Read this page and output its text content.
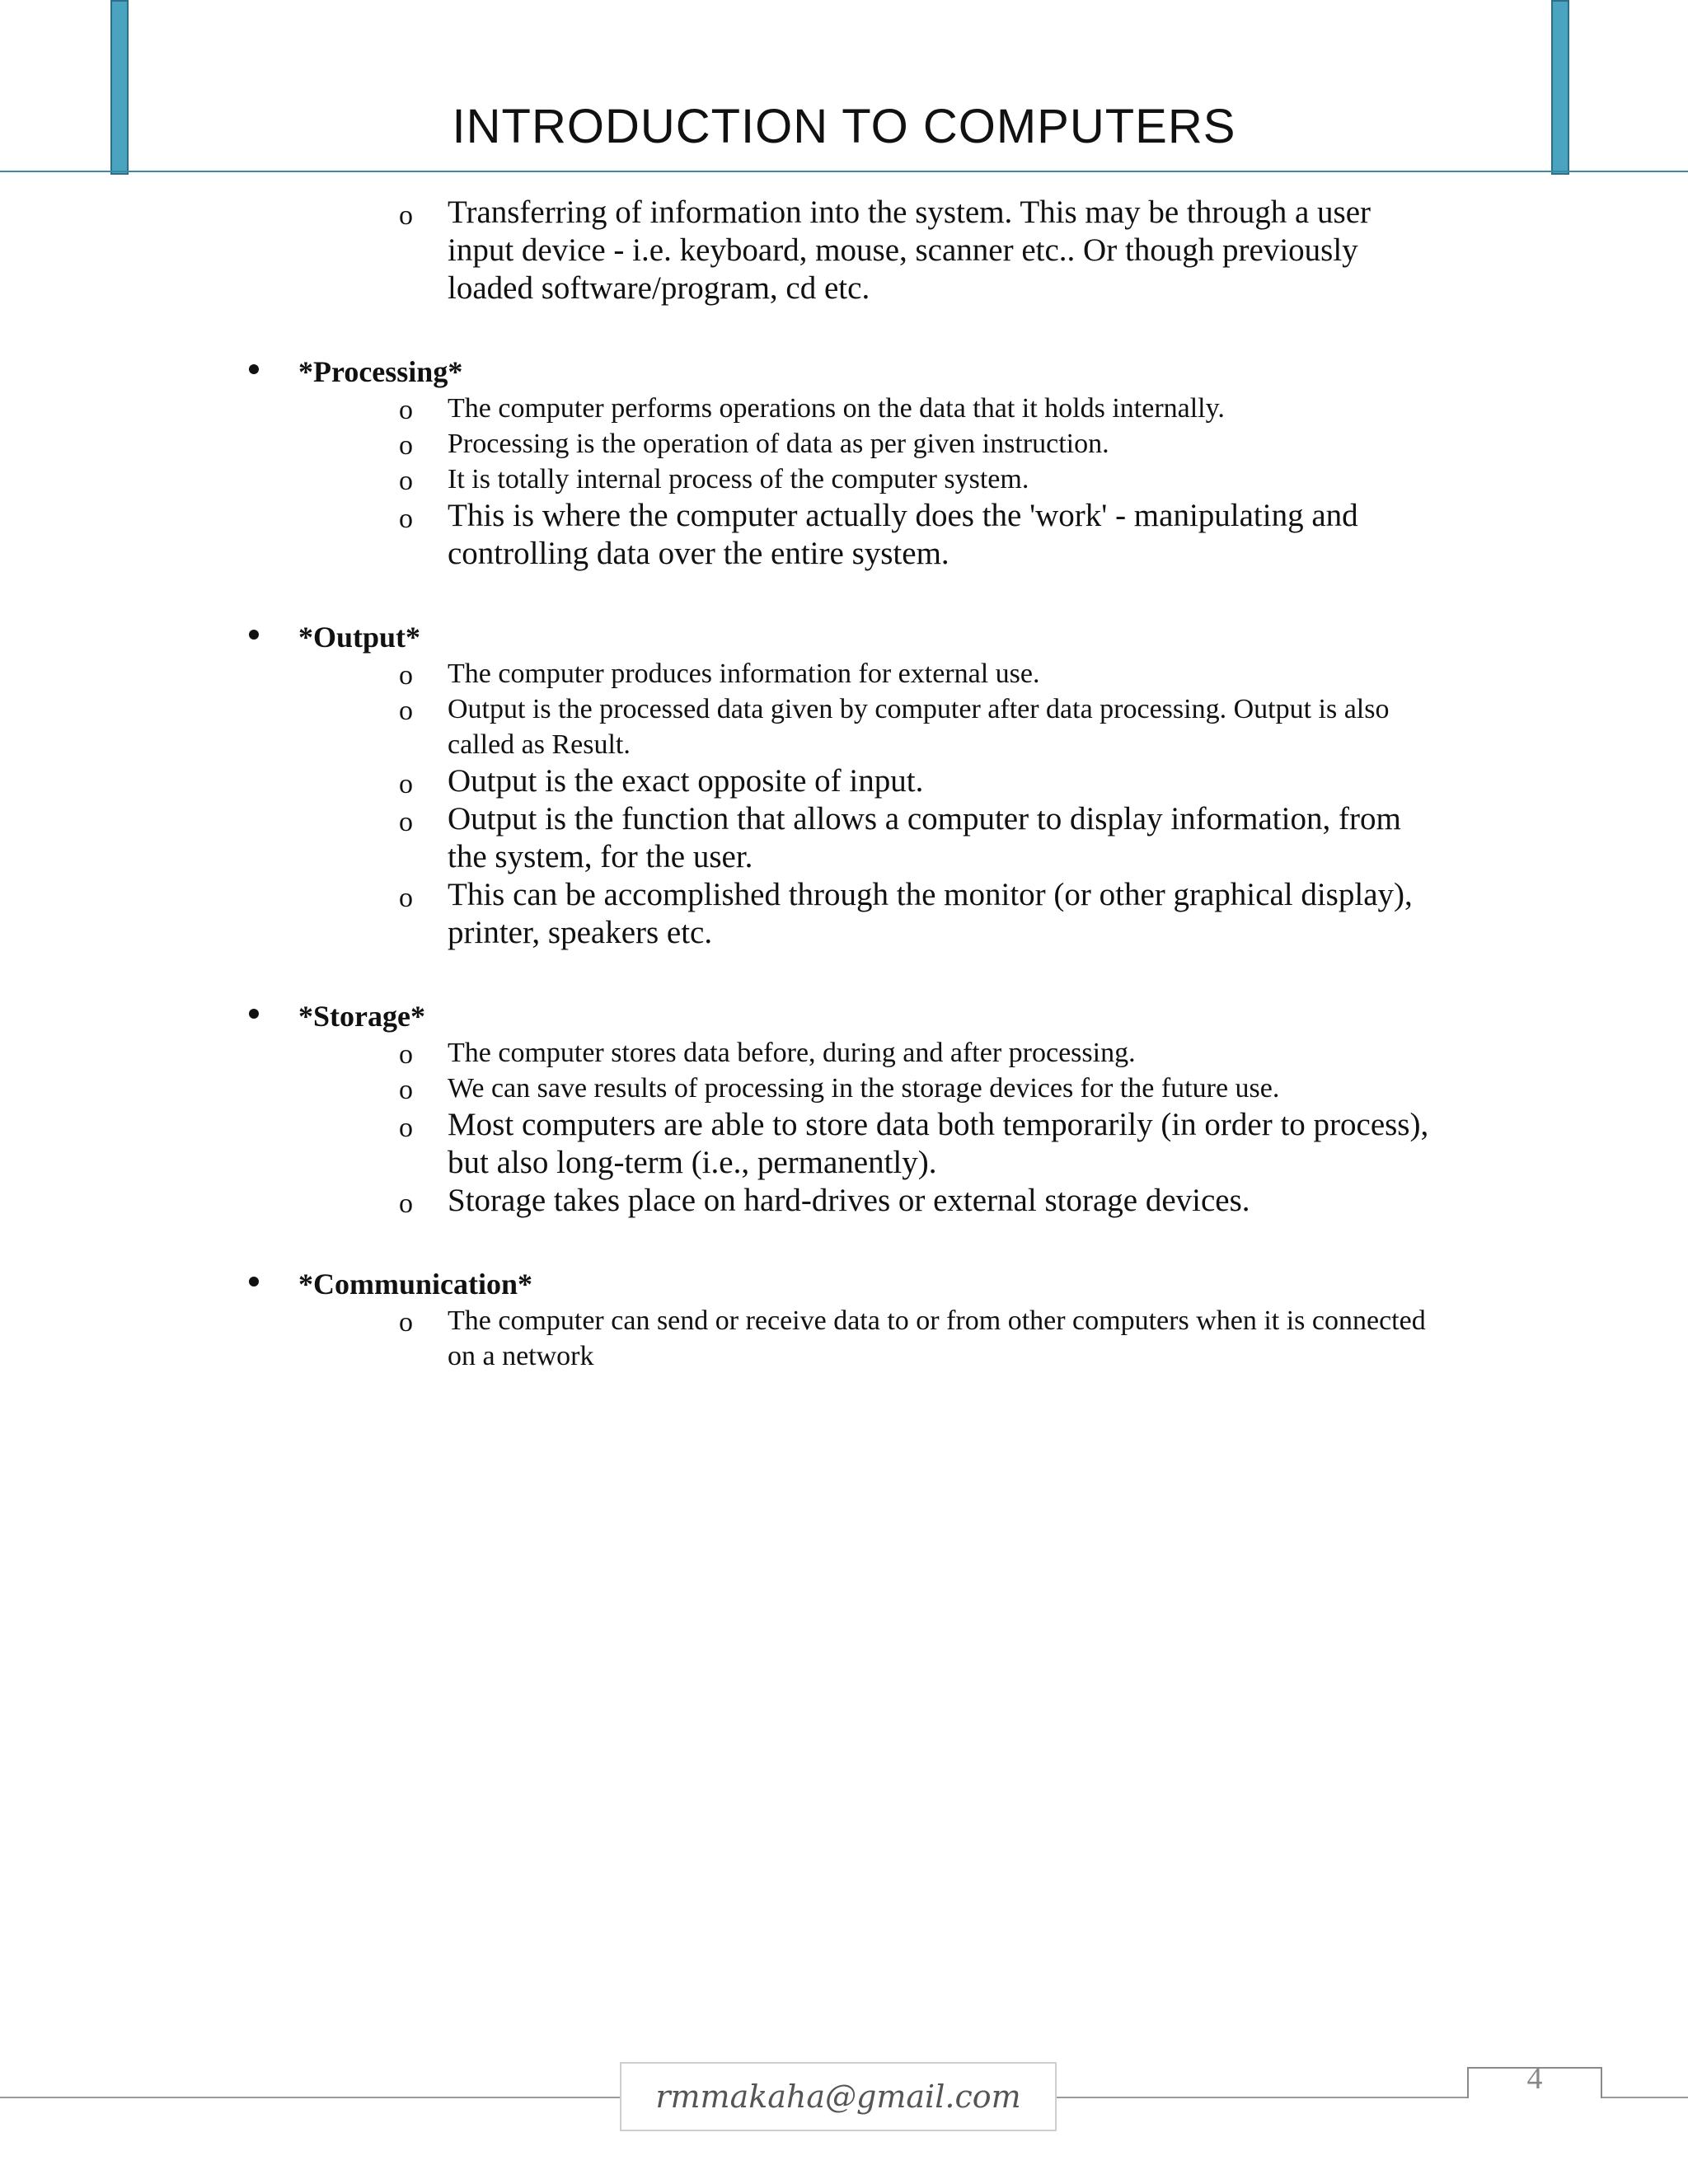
INTRODUCTION TO COMPUTERS
o Transferring of information into the system. This may be through a user input device - i.e. keyboard, mouse, scanner etc.. Or though previously loaded software/program, cd etc.
*Processing*
o The computer performs operations on the data that it holds internally.
o Processing is the operation of data as per given instruction.
o It is totally internal process of the computer system.
o This is where the computer actually does the 'work' - manipulating and controlling data over the entire system.
*Output*
o The computer produces information for external use.
o Output is the processed data given by computer after data processing. Output is also called as Result.
o Output is the exact opposite of input.
o Output is the function that allows a computer to display information, from the system, for the user.
o This can be accomplished through the monitor (or other graphical display), printer, speakers etc.
*Storage*
o The computer stores data before, during and after processing.
o We can save results of processing in the storage devices for the future use.
o Most computers are able to store data both temporarily (in order to process), but also long-term (i.e., permanently).
o Storage takes place on hard-drives or external storage devices.
*Communication*
o The computer can send or receive data to or from other computers when it is connected on a network
rmmakaha@gmail.com	4
